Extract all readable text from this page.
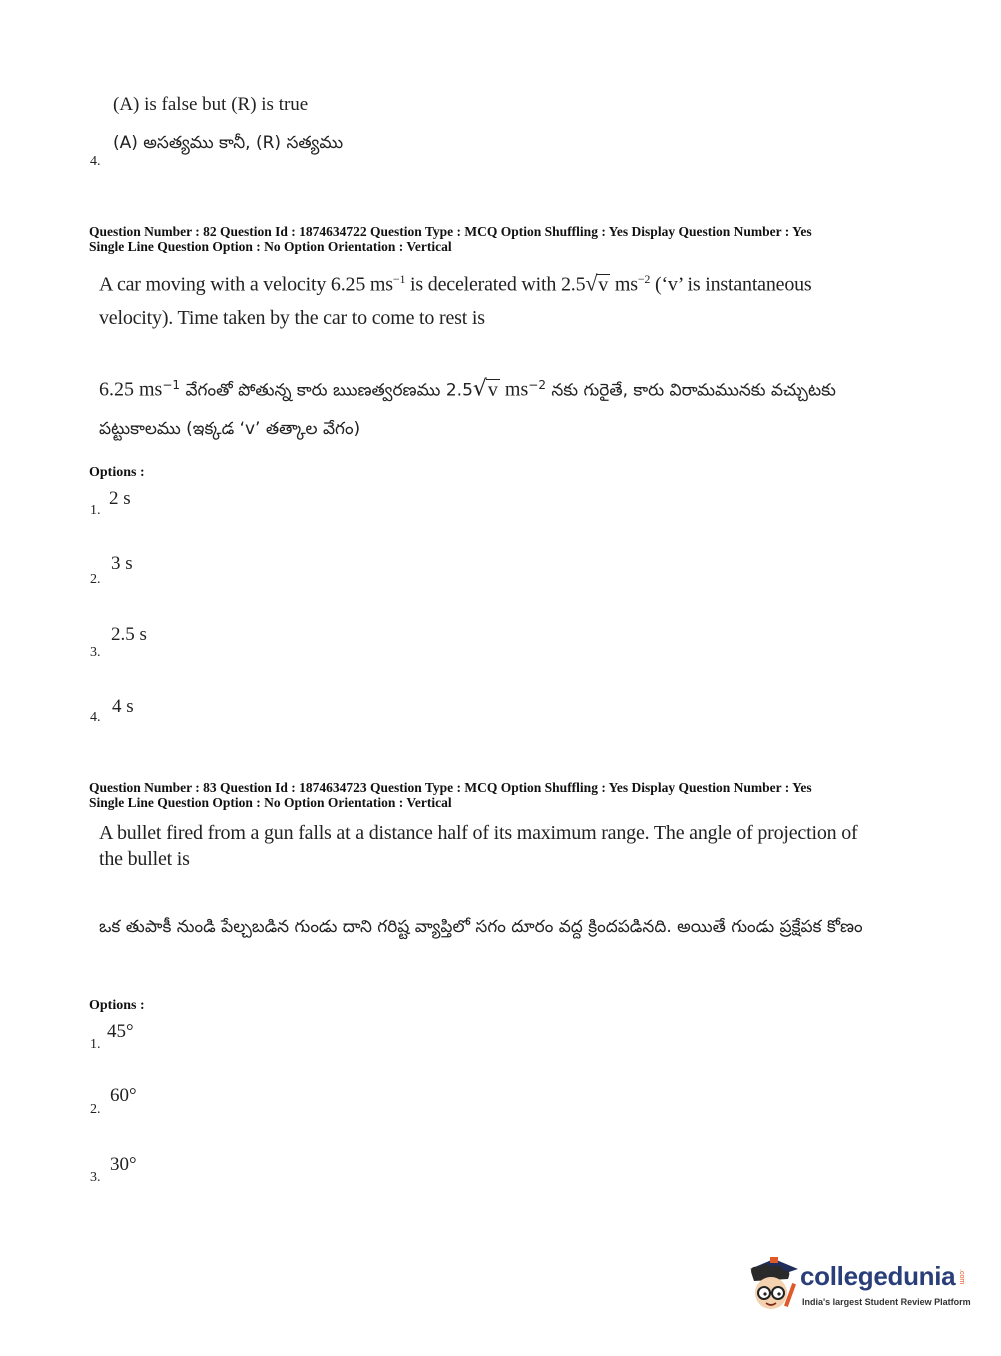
(A) is false but (R) is true
(A) అసత్యము కానీ, (R) సత్యము
4.
Question Number : 82 Question Id : 1874634722 Question Type : MCQ Option Shuffling : Yes Display Question Number : Yes
Single Line Question Option : No Option Orientation : Vertical
A car moving with a velocity 6.25 $ms^{-1}$ is decelerated with 2.5√v $ms^{-2}$ (‘v’ is instantaneous velocity). Time taken by the car to come to rest is
6.25 $ms^{-1}$ వేగంతో పోతున్న కారు ఋణత్వరణము 2.5√v $ms^{-2}$ నకు గురైతే, కారు విరామమునకు వచ్చుటకు పట్టుకాలము (ఇక్కడ ‘v’ తత్కాల వేగం)
Options :
2 s
1.
3 s
2.
2.5 s
3.
4 s
4.
Question Number : 83 Question Id : 1874634723 Question Type : MCQ Option Shuffling : Yes Display Question Number : Yes
Single Line Question Option : No Option Orientation : Vertical
A bullet fired from a gun falls at a distance half of its maximum range. The angle of projection of the bullet is
ఒక తుపాకీ నుండి పేల్చబడిన గుండు దాని గరిష్ట వ్యాప్తిలో సగం దూరం వద్ద క్రిందపడినది. అయితే గుండు ప్రక్షేపక కోణం
Options :
45°
1.
60°
2.
30°
3.
collegedunia .com
India's largest Student Review Platform
